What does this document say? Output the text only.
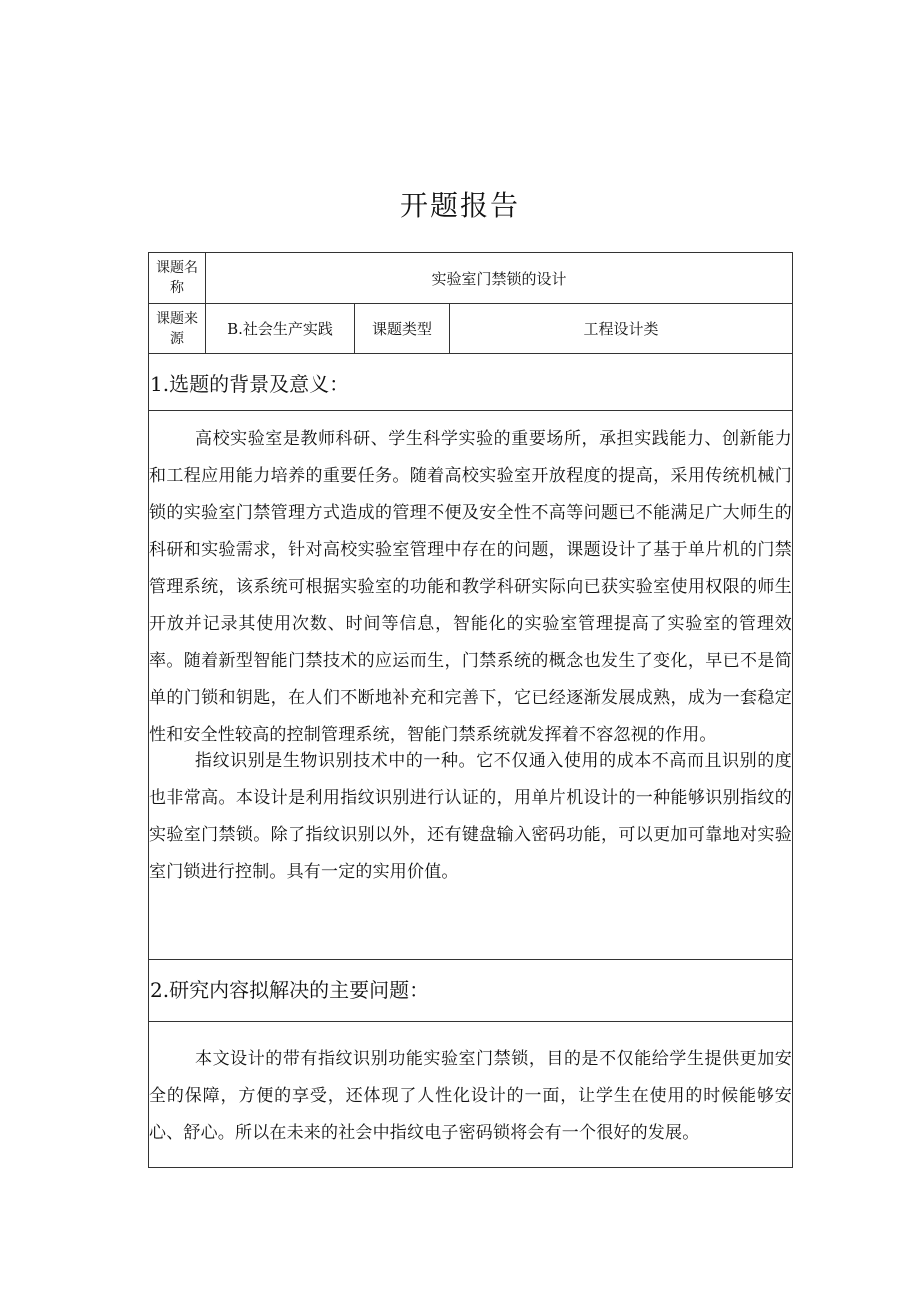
开题报告
课题名称
实验室门禁锁的设计
课题来源
B.社会生产实践	课题类型	工程设计类
1.选题的背景及意义：

高校实验室是教师科研、学生科学实验的重要场所，承担实践能力、创新能力和工程应用能力培养的重要任务。随着高校实验室开放程度的提高，采用传统机械门锁的实验室门禁管理方式造成的管理不便及安全性不高等问题已不能满足广大师生的科研和实验需求，针对高校实验室管理中存在的问题，课题设计了基于单片机的门禁管理系统，该系统可根据实验室的功能和教学科研实际向已获实验室使用权限的师生开放并记录其使用次数、时间等信息，智能化的实验室管理提高了实验室的管理效率。随着新型智能门禁技术的应运而生，门禁系统的概念也发生了变化，早已不是简单的门锁和钥匙，在人们不断地补充和完善下，它已经逐渐发展成熟，成为一套稳定性和安全性较高的控制管理系统，智能门禁系统就发挥着不容忽视的作用。

指纹识别是生物识别技术中的一种。它不仅通入使用的成本不高而且识别的度也非常高。本设计是利用指纹识别进行认证的，用单片机设计的一种能够识别指纹的实验室门禁锁。除了指纹识别以外，还有键盘输入密码功能，可以更加可靠地对实验室门锁进行控制。具有一定的实用价值。

2.研究内容拟解决的主要问题：

本文设计的带有指纹识别功能实验室门禁锁，目的是不仅能给学生提供更加安全的保障，方便的享受，还体现了人性化设计的一面，让学生在使用的时候能够安心、舒心。所以在未来的社会中指纹电子密码锁将会有一个很好的发展。
